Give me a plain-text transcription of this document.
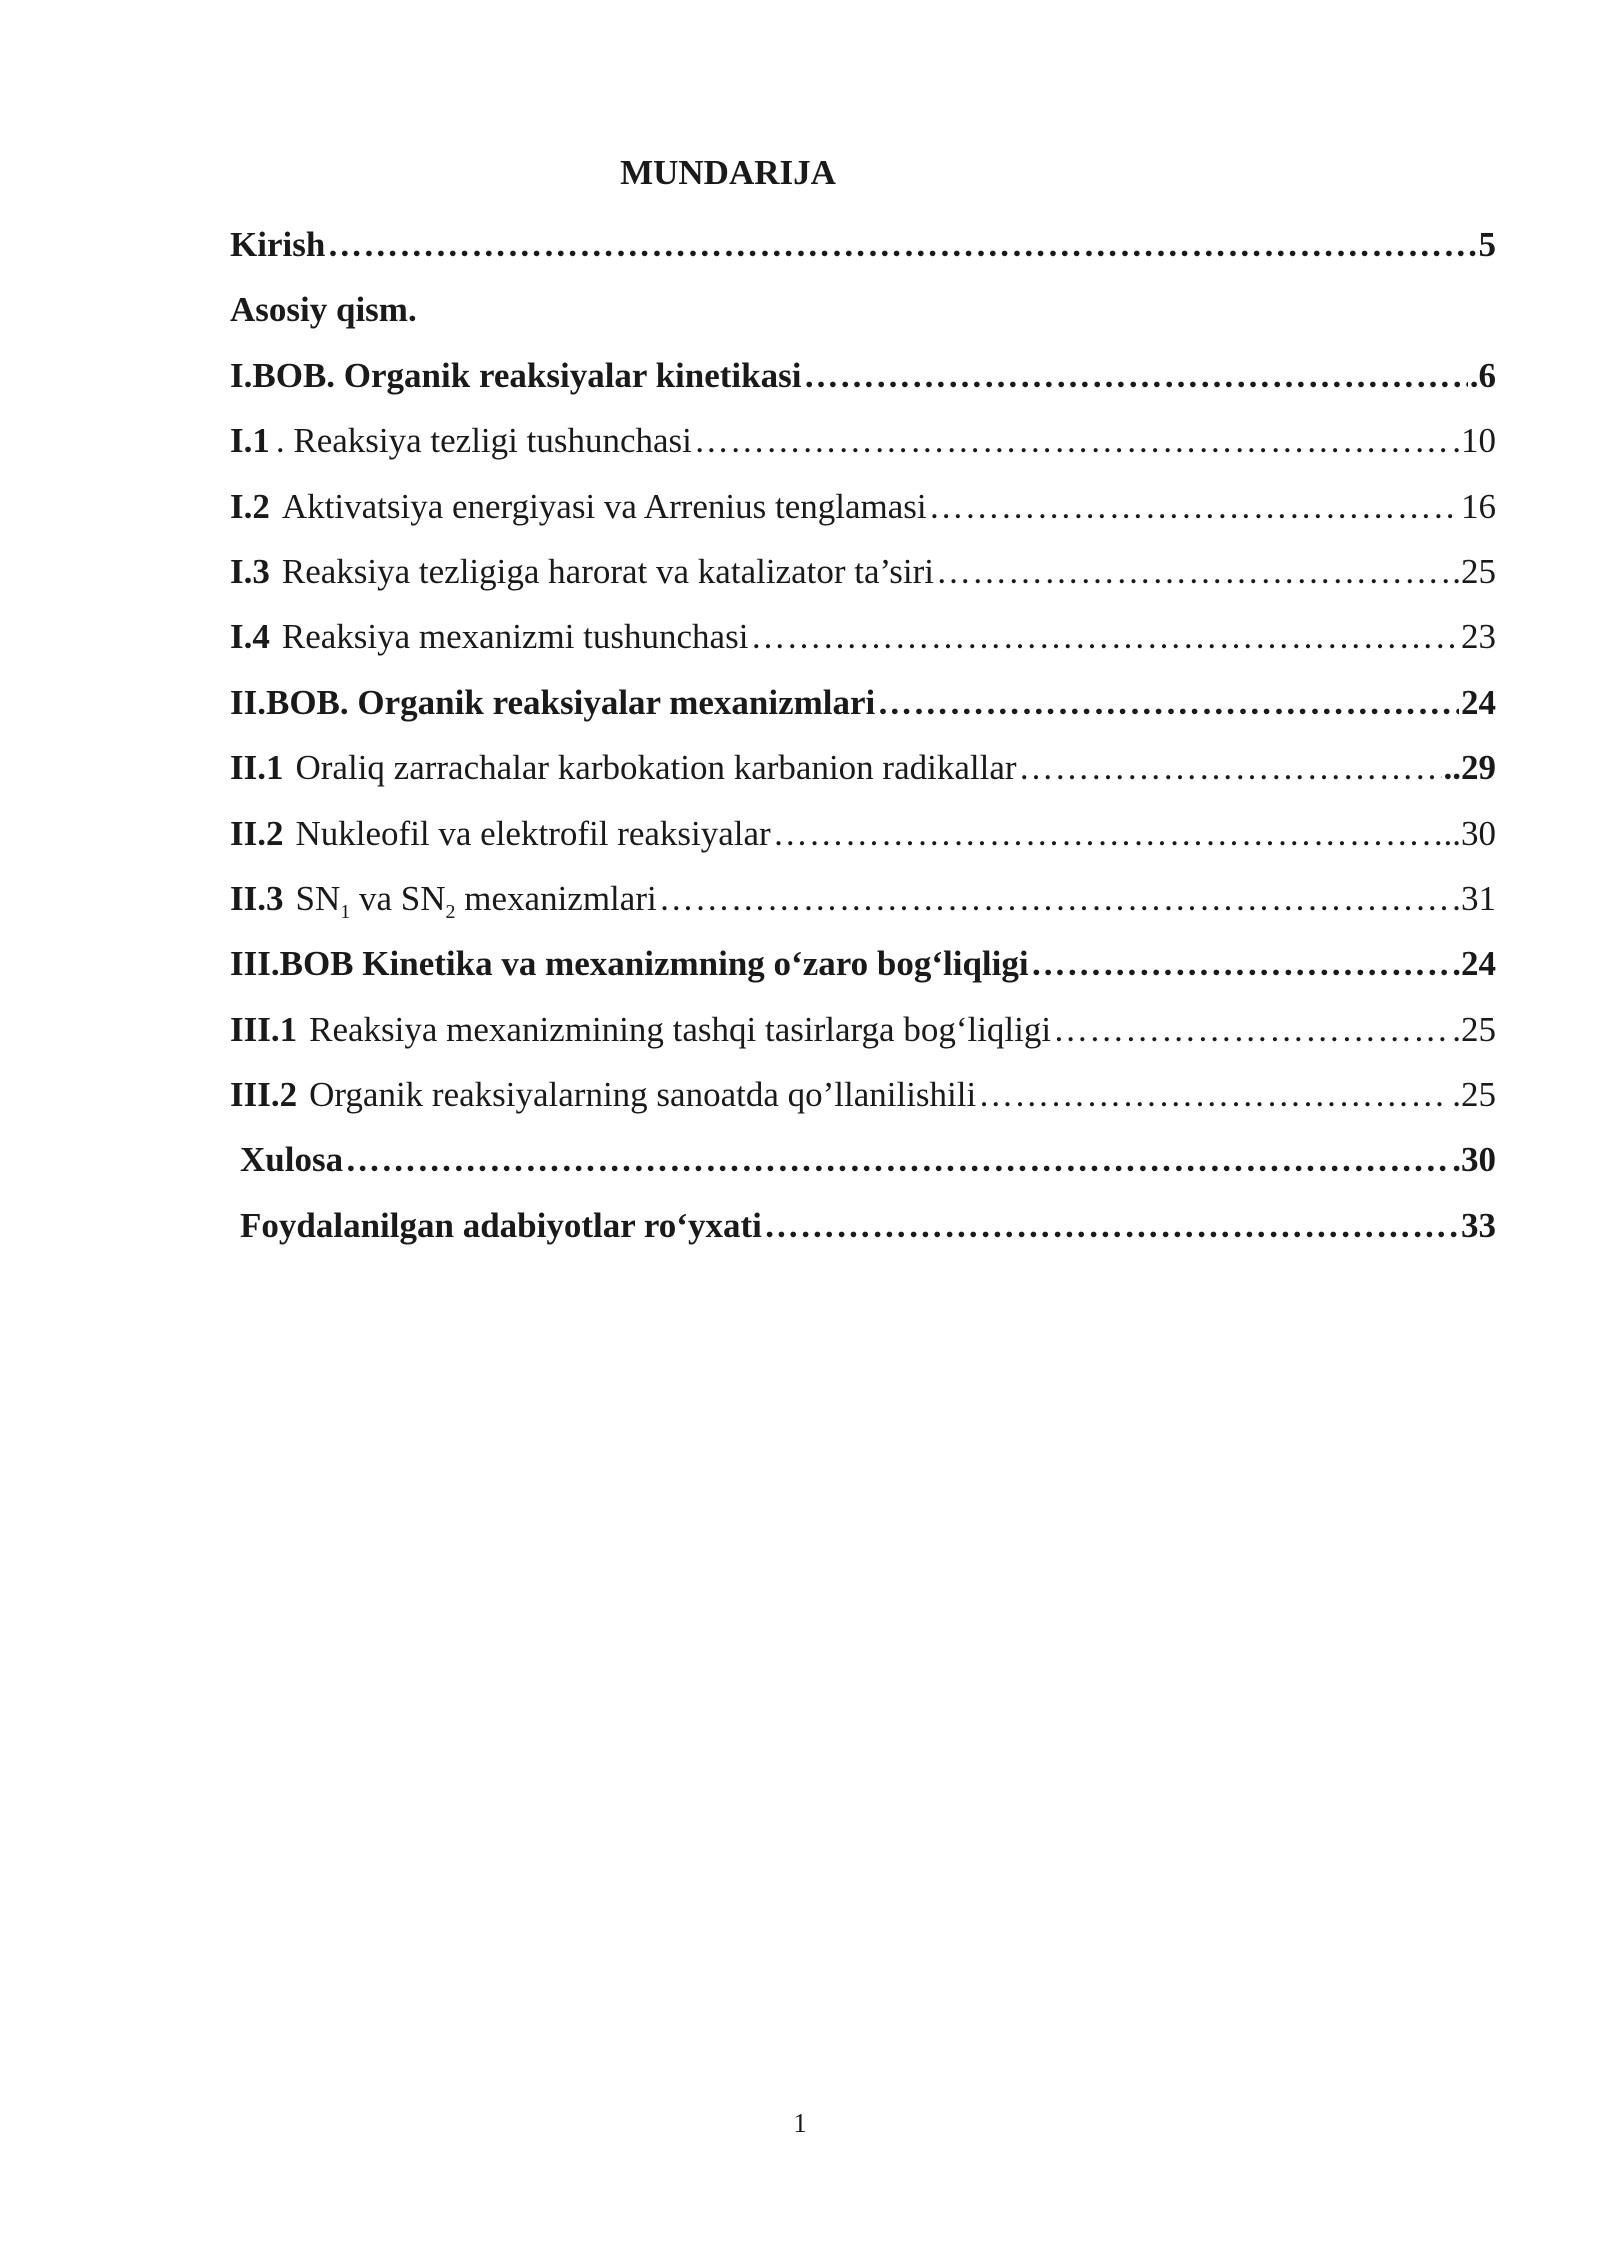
MUNDARIJA
Kirish …………………………………………………………………………………………………………………………………………………………………………………………………………	5
Asosiy qism.
I.BOB. Organik reaksiyalar kinetikasi …………………………………………………………………………………………………………………………………………………………………………………………………………	.6
I.1 . Reaksiya tezligi tushunchasi …………………………………………………………………………………………………………………………………………………………………………………………………………	.10
I.2 Aktivatsiya energiyasi va Arrenius tenglamasi …………………………………………………………………………………………………………………………………………………………………………………………………………	16
I.3 Reaksiya tezligiga harorat va katalizator ta’siri …………………………………………………………………………………………………………………………………………………………………………………………………………	.25
I.4 Reaksiya mexanizmi tushunchasi …………………………………………………………………………………………………………………………………………………………………………………………………………	23
II.BOB. Organik reaksiyalar mexanizmlari …………………………………………………………………………………………………………………………………………………………………………………………………………	24
II.1 Oraliq zarrachalar karbokation karbanion radikallar …………………………………………………………………………………………………………………………………………………………………………………………………………	..29
II.2 Nukleofil va elektrofil reaksiyalar …………………………………………………………………………………………………………………………………………………………………………………………………………	..30
II.3 $SN_1$ va $SN_2$ mexanizmlari …………………………………………………………………………………………………………………………………………………………………………………………………………	31
III.BOB Kinetika va mexanizmning o‘zaro bog‘liqligi …………………………………………………………………………………………………………………………………………………………………………………………………………	.24
III.1 Reaksiya mexanizmining tashqi tasirlarga bog‘liqligi …………………………………………………………………………………………………………………………………………………………………………………………………………	.25
III.2 Organik reaksiyalarning sanoatda qo’llanilishili …………………………………………………………………………………………………………………………………………………………………………………………………………	.25
Xulosa …………………………………………………………………………………………………………………………………………………………………………………………………………	.30
Foydalanilgan adabiyotlar ro‘yxati …………………………………………………………………………………………………………………………………………………………………………………………………………	33
1
